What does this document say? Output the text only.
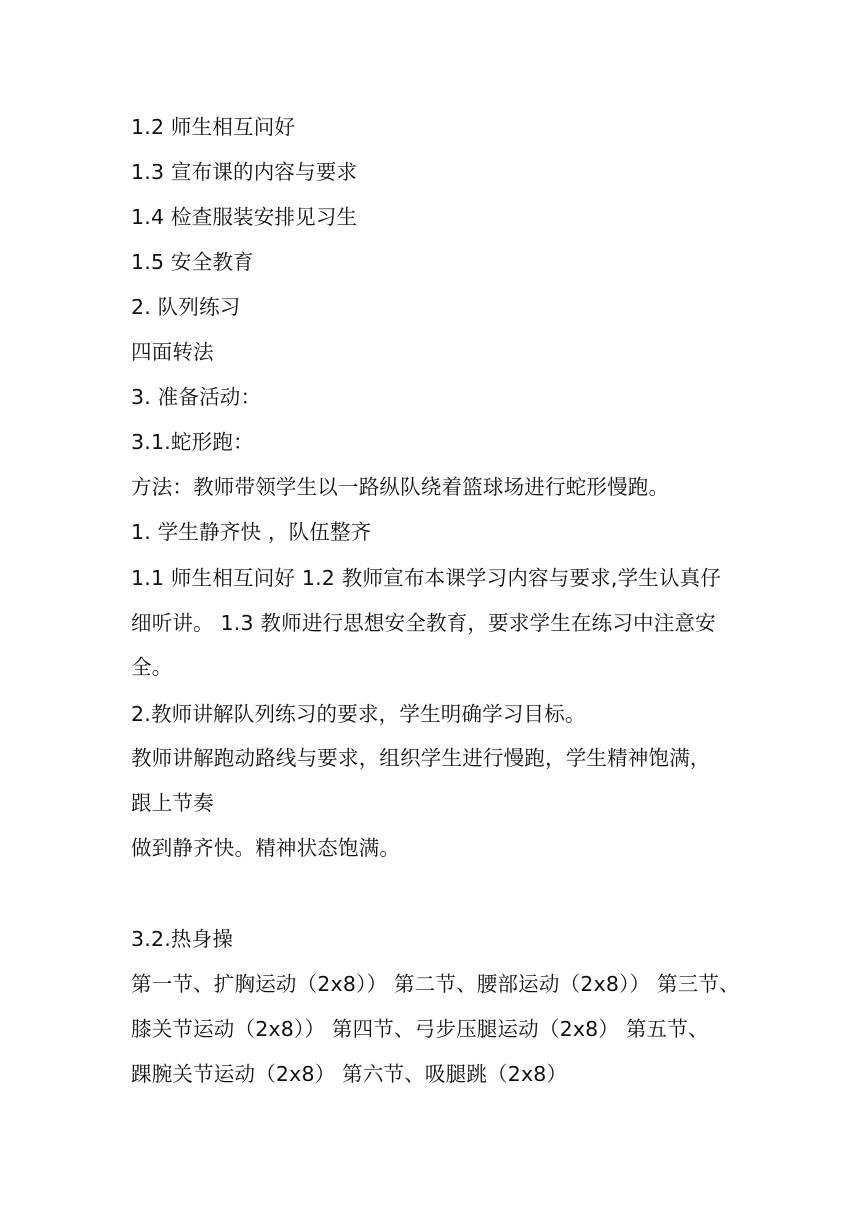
1.2 师生相互问好
1.3 宣布课的内容与要求
1.4 检查服装安排见习生
1.5 安全教育
2. 队列练习
四面转法
3. 准备活动：
3.1.蛇形跑：
方法：教师带领学生以一路纵队绕着篮球场进行蛇形慢跑。
1. 学生静齐快 ，队伍整齐
1.1 师生相互问好 1.2 教师宣布本课学习内容与要求,学生认真仔
细听讲。 1.3 教师进行思想安全教育，要求学生在练习中注意安
全。
2.教师讲解队列练习的要求，学生明确学习目标。
教师讲解跑动路线与要求，组织学生进行慢跑，学生精神饱满，
跟上节奏
做到静齐快。精神状态饱满。
3.2.热身操
第一节、扩胸运动（2x8）） 第二节、腰部运动（2x8）） 第三节、
膝关节运动（2x8）） 第四节、弓步压腿运动（2x8） 第五节、
踝腕关节运动（2x8） 第六节、吸腿跳（2x8）
